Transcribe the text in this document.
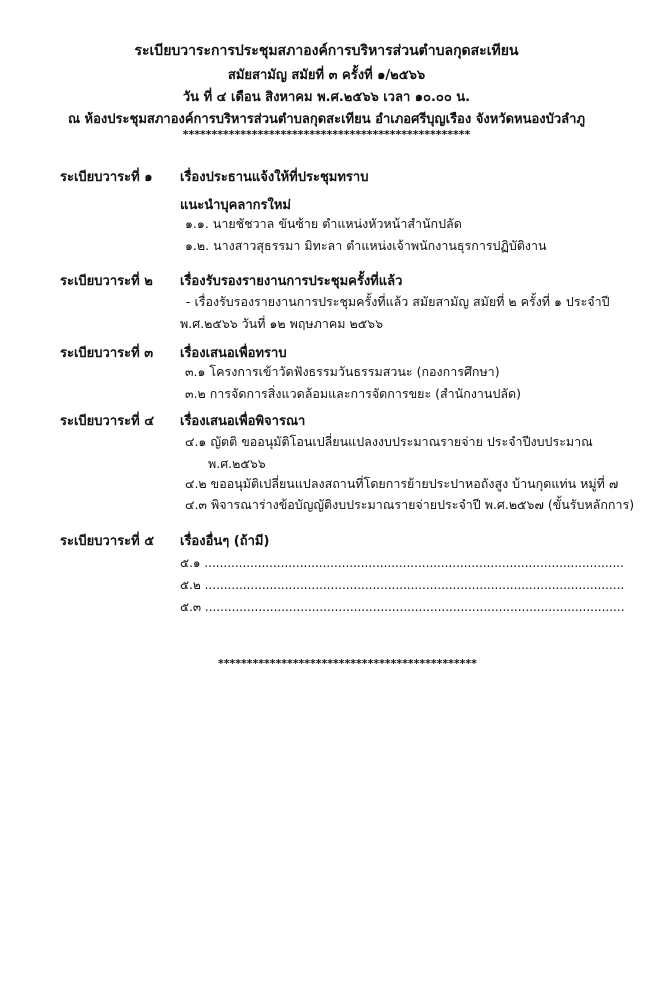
ระเบียบวาระการประชุมสภาองค์การบริหารส่วนตำบลกุดสะเทียน
สมัยสามัญ สมัยที่ ๓ ครั้งที่ ๑/๒๕๖๖
วัน ที่ ๔ เดือน สิงหาคม พ.ศ.๒๕๖๖ เวลา ๑๐.๐๐ น.
ณ ห้องประชุมสภาองค์การบริหารส่วนตำบลกุดสะเทียน อำเภอศรีบุญเรือง จังหวัดหนองบัวลำภู
**************************************************
ระเบียบวาระที่ ๑ เรื่องประธานแจ้งให้ที่ประชุมทราบ
แนะนำบุคลากรใหม่
๑.๑. นายชัชวาล ขันซ้าย ตำแหน่งหัวหน้าสำนักปลัด
๑.๒. นางสาวสุธรรมา มิทะลา ตำแหน่งเจ้าพนักงานธุรการปฏิบัติงาน
ระเบียบวาระที่ ๒ เรื่องรับรองรายงานการประชุมครั้งที่แล้ว
- เรื่องรับรองรายงานการประชุมครั้งที่แล้ว สมัยสามัญ สมัยที่ ๒ ครั้งที่ ๑ ประจำปี
พ.ศ.๒๕๖๖ วันที่ ๑๒ พฤษภาคม ๒๕๖๖
ระเบียบวาระที่ ๓ เรื่องเสนอเพื่อทราบ
๓.๑ โครงการเข้าวัดฟังธรรมวันธรรมสวนะ (กองการศึกษา)
๓.๒ การจัดการสิ่งแวดล้อมและการจัดการขยะ (สำนักงานปลัด)
ระเบียบวาระที่ ๔ เรื่องเสนอเพื่อพิจารณา
๔.๑ ญัตติ ขออนุมัติโอนเปลี่ยนแปลงงบประมาณรายจ่าย ประจำปีงบประมาณ
พ.ศ.๒๕๖๖
๔.๒ ขออนุมัติเปลี่ยนแปลงสถานที่โดยการย้ายประปาหอถังสูง บ้านกุดแท่น หมู่ที่ ๗
๔.๓ พิจารณาร่างข้อบัญญัติงบประมาณรายจ่ายประจำปี พ.ศ.๒๕๖๗ (ขั้นรับหลักการ)
ระเบียบวาระที่ ๕ เรื่องอื่นๆ (ถ้ามี)
๕.๑ ..............................................................................................................
๕.๒ ..............................................................................................................
๕.๓ ..............................................................................................................
*********************************************
